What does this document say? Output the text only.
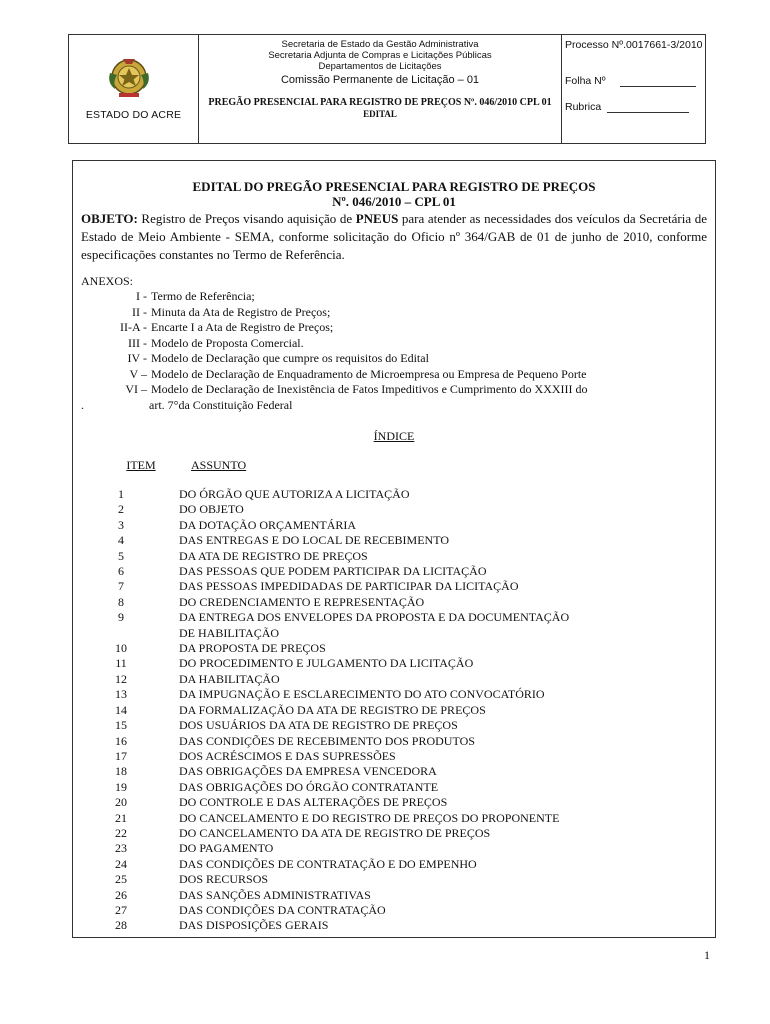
ESTADO DO ACRE
Secretaria de Estado da Gestão Administrativa
Secretaria Adjunta de Compras e Licitações Públicas
Departamentos de Licitações
Comissão Permanente de Licitação – 01
PREGÃO PRESENCIAL PARA REGISTRO DE PREÇOS Nº. 046/2010 CPL 01
EDITAL
Processo Nº.0017661-3/2010
Folha Nº
Rubrica
EDITAL DO PREGÃO PRESENCIAL PARA REGISTRO DE PREÇOS
Nº. 046/2010 – CPL 01
OBJETO: Registro de Preços visando aquisição de PNEUS para atender as necessidades dos veículos da Secretária de Estado de Meio Ambiente - SEMA, conforme solicitação do Oficio nº 364/GAB de 01 de junho de 2010, conforme especificações constantes no Termo de Referência.
ANEXOS:
I - Termo de Referência;
II - Minuta da Ata de Registro de Preços;
II-A - Encarte I a Ata de Registro de Preços;
III - Modelo de Proposta Comercial.
IV - Modelo de Declaração que cumpre os requisitos do Edital
V – Modelo de Declaração de Enquadramento de Microempresa ou Empresa de Pequeno Porte
VI – Modelo de Declaração de Inexistência de Fatos Impeditivos e Cumprimento do XXXIII do
.	art. 7°da Constituição Federal
ÍNDICE
ITEM	ASSUNTO
1	DO ÓRGÃO QUE AUTORIZA A LICITAÇÃO
2	DO OBJETO
3	DA DOTAÇÃO ORÇAMENTÁRIA
4	DAS ENTREGAS E DO LOCAL DE RECEBIMENTO
5	DA ATA DE REGISTRO DE PREÇOS
6	DAS PESSOAS QUE PODEM PARTICIPAR DA LICITAÇÃO
7	DAS PESSOAS IMPEDIDADAS DE PARTICIPAR DA LICITAÇÃO
8	DO CREDENCIAMENTO E REPRESENTAÇÃO
9	DA ENTREGA DOS ENVELOPES DA PROPOSTA E DA DOCUMENTAÇÃO
DE HABILITAÇÃO
10	DA PROPOSTA DE PREÇOS
11	DO PROCEDIMENTO E JULGAMENTO DA LICITAÇÃO
12	DA HABILITAÇÃO
13	DA IMPUGNAÇÃO E ESCLARECIMENTO DO ATO CONVOCATÓRIO
14	DA FORMALIZAÇÃO DA ATA DE REGISTRO DE PREÇOS
15	DOS USUÁRIOS DA ATA DE REGISTRO DE PREÇOS
16	DAS CONDIÇÕES DE RECEBIMENTO DOS PRODUTOS
17	DOS ACRÉSCIMOS E DAS SUPRESSÕES
18	DAS OBRIGAÇÕES DA EMPRESA VENCEDORA
19	DAS OBRIGAÇÕES DO ÓRGÃO CONTRATANTE
20	DO CONTROLE E DAS ALTERAÇÕES DE PREÇOS
21	DO CANCELAMENTO E DO REGISTRO DE PREÇOS DO PROPONENTE
22	DO CANCELAMENTO DA ATA DE REGISTRO DE PREÇOS
23	DO PAGAMENTO
24	DAS CONDIÇÕES DE CONTRATAÇÃO E DO EMPENHO
25	DOS RECURSOS
26	DAS SANÇÕES ADMINISTRATIVAS
27	DAS CONDIÇÕES DA CONTRATAÇÃO
28	DAS DISPOSIÇÕES GERAIS
1
